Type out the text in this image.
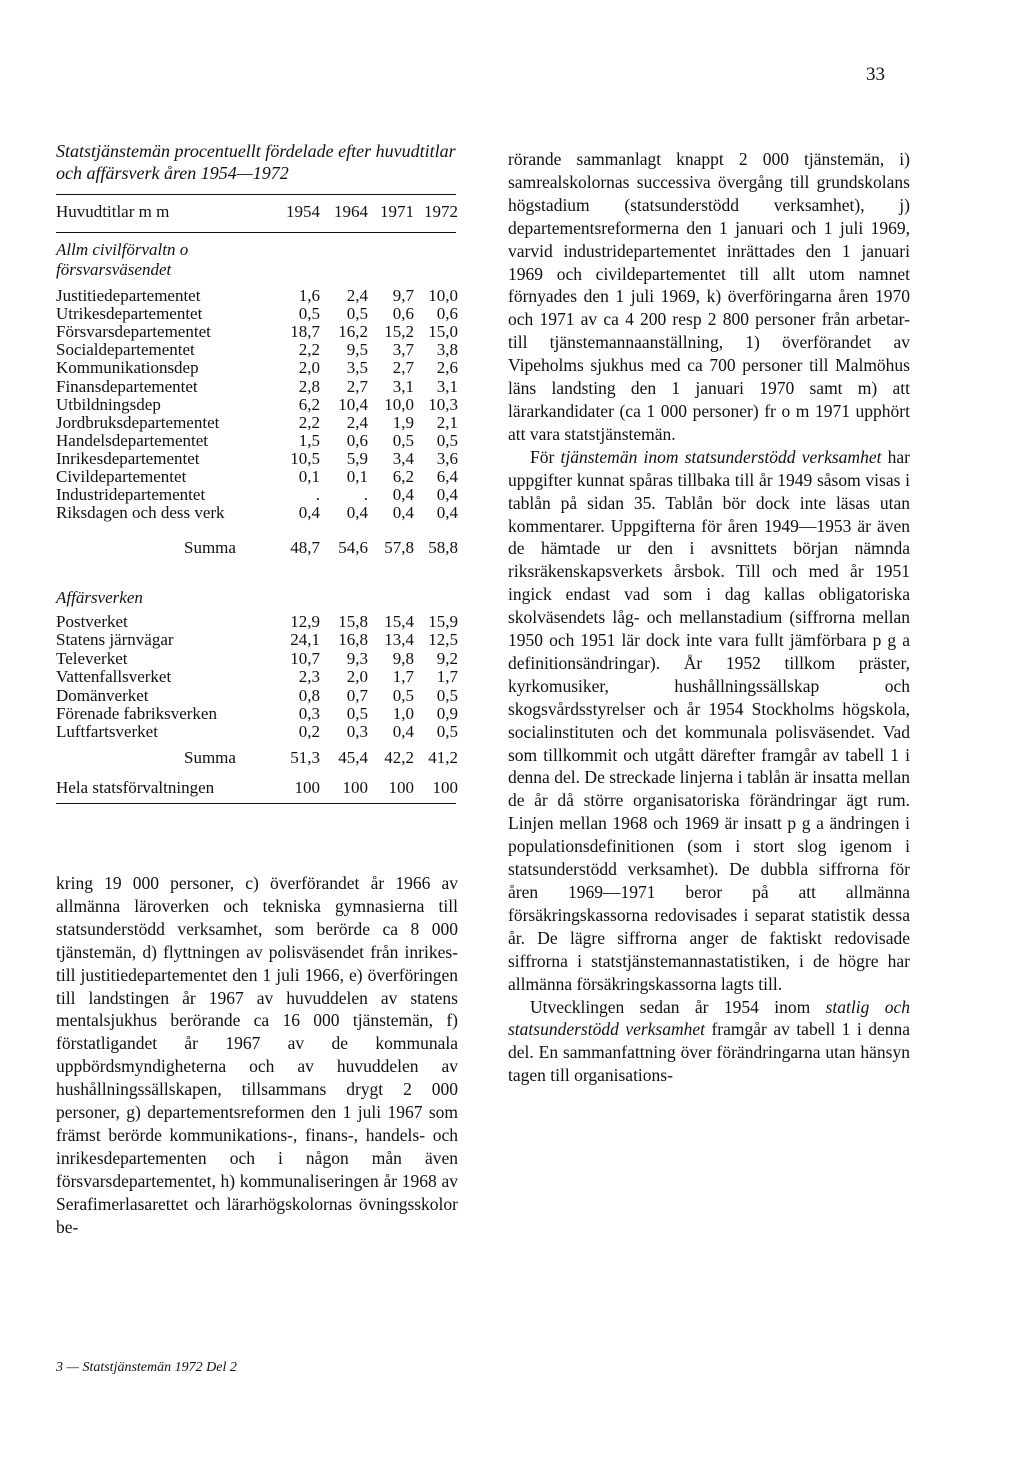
33
Statstjänstemän procentuellt fördelade efter huvudtitlar och affärsverk åren 1954—1972
Huvudtitlar m m	1954 1964 1971 1972
Allm civilförvaltn o försvarsväsendet
Justitiedepartementet	1,6 2,4 9,7 10,0
Utrikesdepartementet	0,5 0,5 0,6 0,6
Försvarsdepartementet	18,7 16,2 15,2 15,0
Socialdepartementet	2,2 9,5 3,7 3,8
Kommunikationsdep	2,0 3,5 2,7 2,6
Finansdepartementet	2,8 2,7 3,1 3,1
Utbildningsdep	6,2 10,4 10,0 10,3
Jordbruksdepartementet	2,2 2,4 1,9 2,1
Handelsdepartementet	1,5 0,6 0,5 0,5
Inrikesdepartementet	10,5 5,9 3,4 3,6
Civildepartementet	0,1 0,1 6,2 6,4
Industridepartementet	.	. 0,4 0,4
Riksdagen och dess verk	0,4 0,4 0,4 0,4
Summa	48,7 54,6 57,8 58,8
Affärsverken
Postverket	12,9 15,8 15,4 15,9
Statens järnvägar	24,1 16,8 13,4 12,5
Televerket	10,7 9,3 9,8 9,2
Vattenfallsverket	2,3 2,0 1,7 1,7
Domänverket	0,8 0,7 0,5 0,5
Förenade fabriksverken	0,3 0,5 1,0 0,9
Luftfartsverket	0,2 0,3 0,4 0,5
Summa	51,3 45,4 42,2 41,2
Hela statsförvaltningen	100 100 100 100

kring 19 000 personer, c) överförandet år 1966 av allmänna läroverken och tekniska gymnasierna till statsunderstödd verksamhet, som berörde ca 8 000 tjänstemän, d) flyttningen av polisväsendet från inrikes- till justitiedepartementet den 1 juli 1966, e) överföringen till landstingen år 1967 av huvuddelen av statens mentalsjukhus berörande ca 16 000 tjänstemän, f) förstatligandet år 1967 av de kommunala uppbördsmyndigheterna och av huvuddelen av hushållningssällskapen, tillsammans drygt 2 000 personer, g) departementsreformen den 1 juli 1967 som främst berörde kommunikations-, finans-, handels- och inrikesdepartementen och i någon mån även försvarsdepartementet, h) kommunaliseringen år 1968 av Serafimerlasarettet och lärarhögskolornas övningsskolor be-

rörande sammanlagt knappt 2 000 tjänstemän, i) samrealskolornas successiva övergång till grundskolans högstadium (statsunderstödd verksamhet), j) departementsreformerna den 1 januari och 1 juli 1969, varvid industridepartementet inrättades den 1 januari 1969 och civildepartementet till allt utom namnet förnyades den 1 juli 1969, k) överföringarna åren 1970 och 1971 av ca 4 200 resp 2 800 personer från arbetar- till tjänstemannaanställning, 1) överförandet av Vipeholms sjukhus med ca 700 personer till Malmöhus läns landsting den 1 januari 1970 samt m) att lärarkandidater (ca 1 000 personer) fr o m 1971 upphört att vara statstjänstemän.

För tjänstemän inom statsunderstödd verksamhet har uppgifter kunnat spåras tillbaka till år 1949 såsom visas i tablån på sidan 35. Tablån bör dock inte läsas utan kommentarer. Uppgifterna för åren 1949—1953 är även de hämtade ur den i avsnittets början nämnda riksräkenskapsverkets årsbok. Till och med år 1951 ingick endast vad som i dag kallas obligatoriska skolväsendets låg- och mellanstadium (siffrorna mellan 1950 och 1951 lär dock inte vara fullt jämförbara p g a definitionsändringar). År 1952 tillkom präster, kyrkomusiker, hushållningssällskap och skogsvårdsstyrelser och år 1954 Stockholms högskola, socialinstituten och det kommunala polisväsendet. Vad som tillkommit och utgått därefter framgår av tabell 1 i denna del. De streckade linjerna i tablån är insatta mellan de år då större organisatoriska förändringar ägt rum. Linjen mellan 1968 och 1969 är insatt p g a ändringen i populationsdefinitionen (som i stort slog igenom i statsunderstödd verksamhet). De dubbla siffrorna för åren 1969—1971 beror på att allmänna försäkringskassorna redovisades i separat statistik dessa år. De lägre siffrorna anger de faktiskt redovisade siffrorna i statstjänstemannastatistiken, i de högre har allmänna försäkringskassorna lagts till.

Utvecklingen sedan år 1954 inom statlig och statsunderstödd verksamhet framgår av tabell 1 i denna del. En sammanfattning över förändringarna utan hänsyn tagen till organisations-

3 — Statstjänstemän 1972 Del 2
